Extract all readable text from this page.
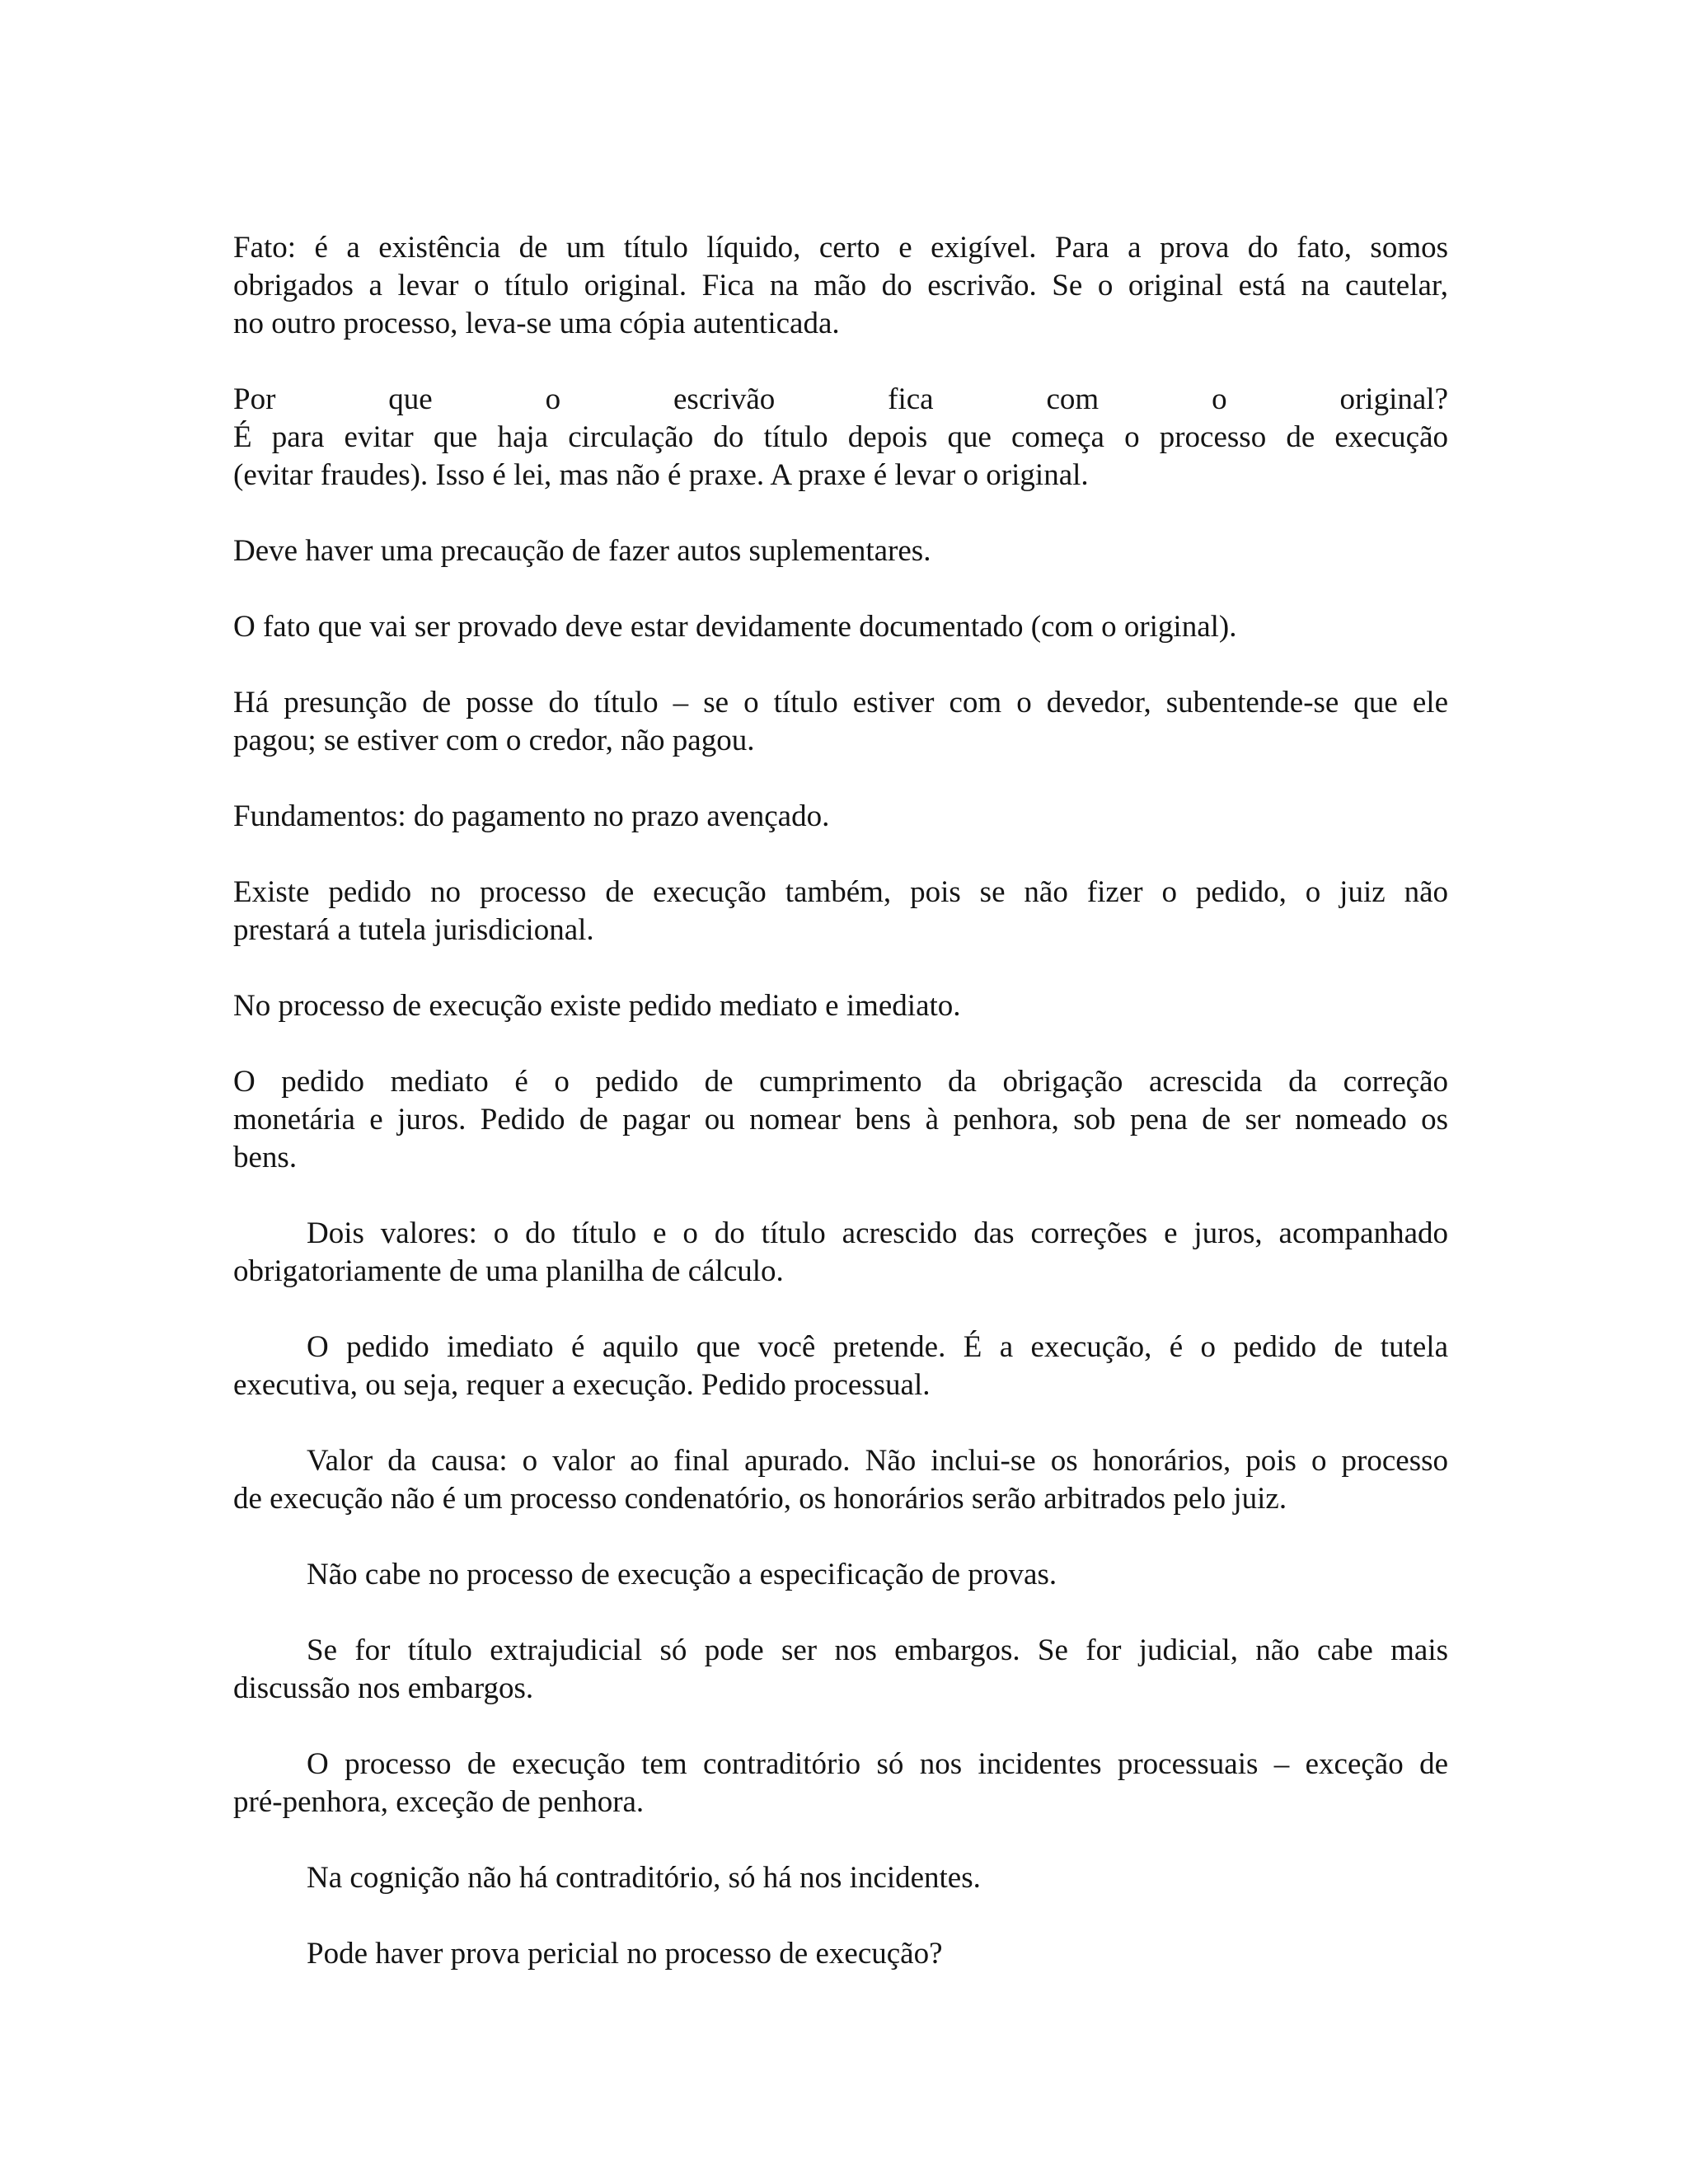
Fato: é a existência de um título líquido, certo e exigível. Para a prova do fato, somos
obrigados a levar o título original. Fica na mão do escrivão. Se o original está na cautelar,
no outro processo, leva-se uma cópia autenticada.
Por que o escrivão fica com o original?
É para evitar que haja circulação do título depois que começa o processo de execução
(evitar fraudes). Isso é lei, mas não é praxe. A praxe é levar o original.
Deve haver uma precaução de fazer autos suplementares.
O fato que vai ser provado deve estar devidamente documentado (com o original).
Há presunção de posse do título – se o título estiver com o devedor, subentende-se que ele
pagou; se estiver com o credor, não pagou.
Fundamentos: do pagamento no prazo avençado.
Existe pedido no processo de execução também, pois se não fizer o pedido, o juiz não
prestará a tutela jurisdicional.
No processo de execução existe pedido mediato e imediato.
O pedido mediato é o pedido de cumprimento da obrigação acrescida da correção
monetária e juros. Pedido de pagar ou nomear bens à penhora, sob pena de ser nomeado os
bens.
Dois valores: o do título e o do título acrescido das correções e juros, acompanhado
obrigatoriamente de uma planilha de cálculo.
O pedido imediato é aquilo que você pretende. É a execução, é o pedido de tutela
executiva, ou seja, requer a execução. Pedido processual.
Valor da causa: o valor ao final apurado. Não inclui-se os honorários, pois o processo
de execução não é um processo condenatório, os honorários serão arbitrados pelo juiz.
Não cabe no processo de execução a especificação de provas.
Se for título extrajudicial só pode ser nos embargos. Se for judicial, não cabe mais
discussão nos embargos.
O processo de execução tem contraditório só nos incidentes processuais – exceção de
pré-penhora, exceção de penhora.
Na cognição não há contraditório, só há nos incidentes.
Pode haver prova pericial no processo de execução?
